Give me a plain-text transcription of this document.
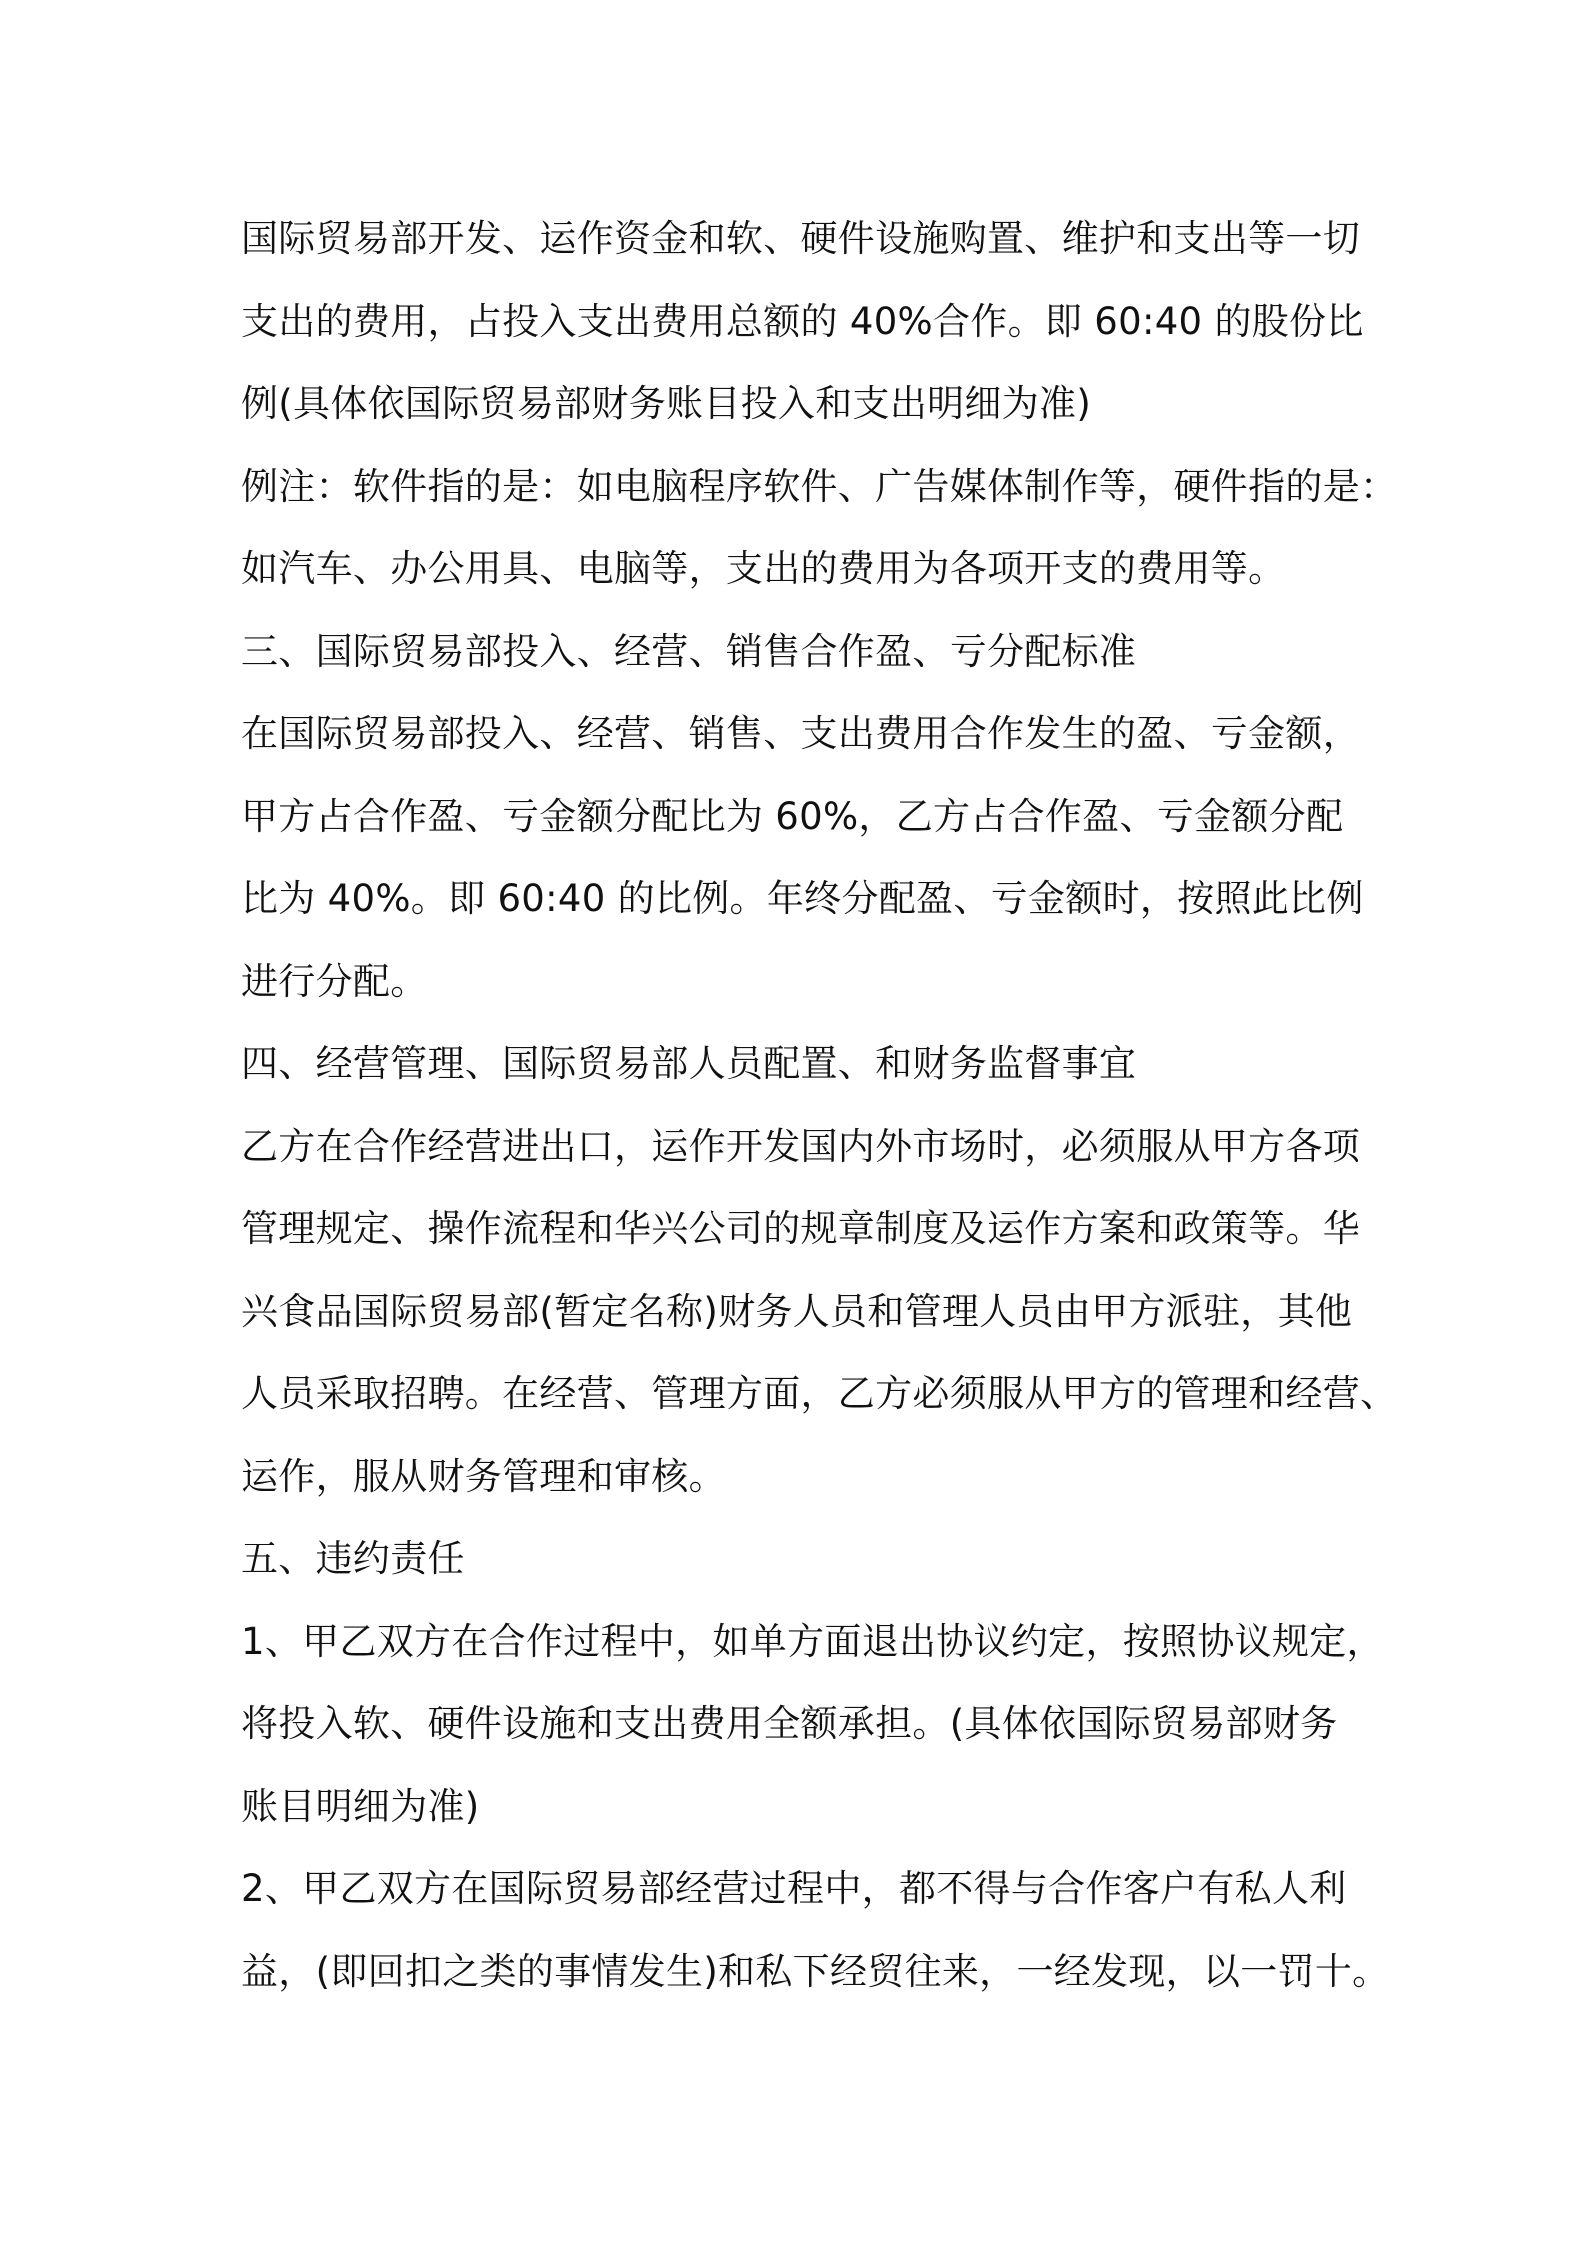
国际贸易部开发、运作资金和软、硬件设施购置、维护和支出等一切
支出的费用，占投入支出费用总额的 40%合作。即 60:40 的股份比
例(具体依国际贸易部财务账目投入和支出明细为准)
例注：软件指的是：如电脑程序软件、广告媒体制作等，硬件指的是：
如汽车、办公用具、电脑等，支出的费用为各项开支的费用等。
三、国际贸易部投入、经营、销售合作盈、亏分配标准
在国际贸易部投入、经营、销售、支出费用合作发生的盈、亏金额，
甲方占合作盈、亏金额分配比为 60%，乙方占合作盈、亏金额分配
比为 40%。即 60:40 的比例。年终分配盈、亏金额时，按照此比例
进行分配。
四、经营管理、国际贸易部人员配置、和财务监督事宜
乙方在合作经营进出口，运作开发国内外市场时，必须服从甲方各项
管理规定、操作流程和华兴公司的规章制度及运作方案和政策等。华
兴食品国际贸易部(暂定名称)财务人员和管理人员由甲方派驻，其他
人员采取招聘。在经营、管理方面，乙方必须服从甲方的管理和经营、
运作，服从财务管理和审核。
五、违约责任
1、甲乙双方在合作过程中，如单方面退出协议约定，按照协议规定，
将投入软、硬件设施和支出费用全额承担。(具体依国际贸易部财务
账目明细为准)
2、甲乙双方在国际贸易部经营过程中，都不得与合作客户有私人利
益，(即回扣之类的事情发生)和私下经贸往来，一经发现，以一罚十。
